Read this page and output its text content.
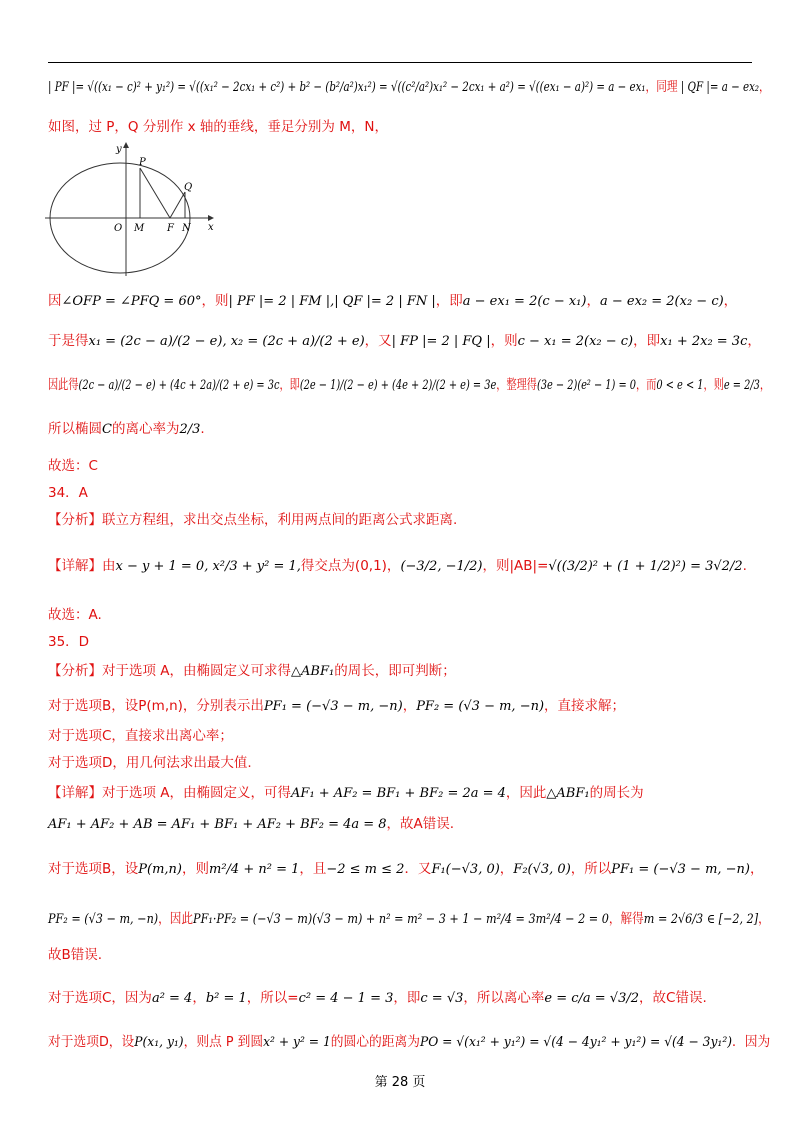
| PF |= √((x₁ − c)² + y₁²) = √((x₁² − 2cx₁ + c²) + b² − (b²/a²)x₁²) = √((c²/a²)x₁² − 2cx₁ + a²) = √((ex₁ − a)²) = a − ex₁，同理 | QF |= a − ex₂，
如图，过 P，Q 分别作 x 轴的垂线，垂足分别为 M，N，
因∠OFP = ∠PFQ = 60°，则| PF |= 2 | FM |,| QF |= 2 | FN |，即a − ex₁ = 2(c − x₁)，a − ex₂ = 2(x₂ − c)，
于是得x₁ = (2c − a)/(2 − e), x₂ = (2c + a)/(2 + e)，又| FP |= 2 | FQ |，则c − x₁ = 2(x₂ − c)，即x₁ + 2x₂ = 3c，
因此得(2c − a)/(2 − e) + (4c + 2a)/(2 + e) = 3c，即(2e − 1)/(2 − e) + (4e + 2)/(2 + e) = 3e，整理得(3e − 2)(e² − 1) = 0，而0 < e < 1，则e = 2/3，
所以椭圆C的离心率为2/3.
故选：C
34．A
【分析】联立方程组，求出交点坐标，利用两点间的距离公式求距离.
【详解】由x − y + 1 = 0, x²/3 + y² = 1,得交点为(0,1)，(−3/2, −1/2)，则|AB|=√((3/2)² + (1 + 1/2)²) = 3√2/2.
故选：A.
35．D
【分析】对于选项 A，由椭圆定义可求得△ABF₁的周长，即可判断；
对于选项B，设P(m,n)，分别表示出PF₁ = (−√3 − m, −n)，PF₂ = (√3 − m, −n)，直接求解；
对于选项C，直接求出离心率；
对于选项D，用几何法求出最大值.
【详解】对于选项 A，由椭圆定义，可得AF₁ + AF₂ = BF₁ + BF₂ = 2a = 4，因此△ABF₁的周长为
AF₁ + AF₂ + AB = AF₁ + BF₁ + AF₂ + BF₂ = 4a = 8，故A错误.
对于选项B，设P(m,n)，则m²/4 + n² = 1，且−2 ≤ m ≤ 2．又F₁(−√3, 0)，F₂(√3, 0)，所以PF₁ = (−√3 − m, −n)，
PF₂ = (√3 − m, −n)，因此PF₁·PF₂ = (−√3 − m)(√3 − m) + n² = m² − 3 + 1 − m²/4 = 3m²/4 − 2 = 0，解得m = 2√6/3 ∈ [−2, 2]，
故B错误.
对于选项C，因为a² = 4，b² = 1，所以=c² = 4 − 1 = 3，即c = √3，所以离心率e = c/a = √3/2，故C错误.
对于选项D，设P(x₁, y₁)，则点 P 到圆x² + y² = 1的圆心的距离为PO = √(x₁² + y₁²) = √(4 − 4y₁² + y₁²) = √(4 − 3y₁²)．因为
y
x
O M F N
P
Q
第 28 页
